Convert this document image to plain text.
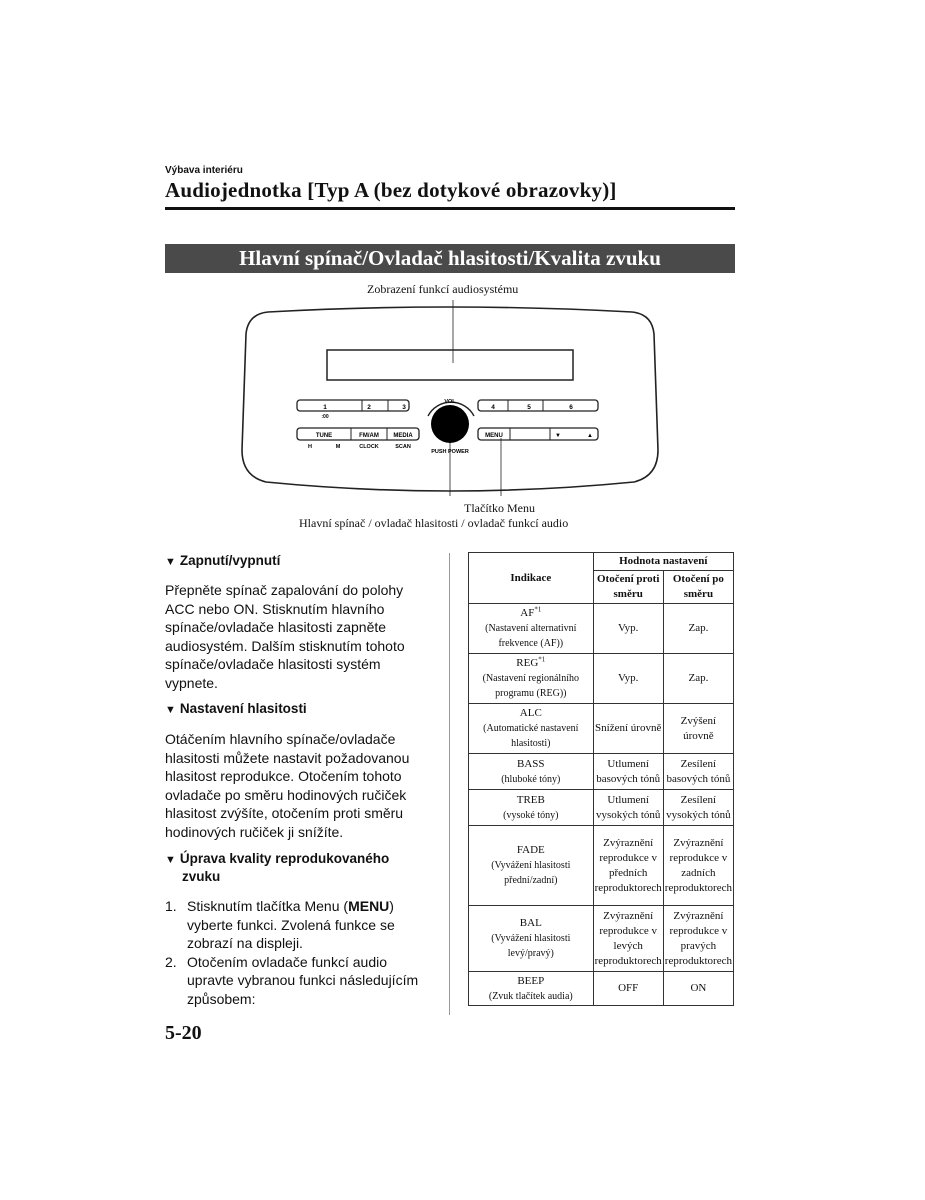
Výbava interiéru
Audiojednotka [Typ A (bez dotykové obrazovky)]
Hlavní spínač/Ovladač hlasitosti/Kvalita zvuku
Zobrazení funkcí audiosystému
Tlačítko Menu
Hlavní spínač / ovladač hlasitosti / ovladač funkcí audio
1	2	3
:00
4	5	6
TUNE	FM/AM MEDIA
H	M	CLOCK	SCAN
MENU	▼	▲
VOL
PUSH POWER
▼ Zapnutí/vypnutí
Přepněte spínač zapalování do polohy ACC nebo ON. Stisknutím hlavního spínače/ovladače hlasitosti zapněte audiosystém. Dalším stisknutím tohoto spínače/ovladače hlasitosti systém vypnete.
▼ Nastavení hlasitosti
Otáčením hlavního spínače/ovladače hlasitosti můžete nastavit požadovanou hlasitost reprodukce. Otočením tohoto ovladače po směru hodinových ručiček hlasitost zvýšíte, otočením proti směru hodinových ručiček ji snížíte.
▼ Úprava kvality reprodukovaného
zvuku
1. Stisknutím tlačítka Menu (MENU) vyberte funkci. Zvolená funkce se zobrazí na displeji.
2. Otočením ovladače funkcí audio upravte vybranou funkci následujícím způsobem:
Indikace	Hodnota nastavení	
	Otočení proti směru	Otočení po směru
AF$^{*1}$
(Nastavení alternativní frekvence (AF))	Vyp.	Zap.
REG$^{*1}$
(Nastavení regionálního programu (REG))	Vyp.	Zap.
ALC
(Automatické nastavení hlasitosti)	Snížení úrovně	Zvýšení úrovně
BASS
(hluboké tóny)	Utlumení basových tónů	Zesílení basových tónů
TREB
(vysoké tóny)	Utlumení vysokých tónů	Zesílení vysokých tónů
FADE
(Vyvážení hlasitosti přední/zadní)	Zvýraznění reprodukce v předních reproduktorech	Zvýraznění reprodukce v zadních reproduktorech
BAL
(Vyvážení hlasitosti levý/pravý)	Zvýraznění reprodukce v levých reproduktorech	Zvýraznění reprodukce v pravých reproduktorech
BEEP
(Zvuk tlačítek audia)	OFF	ON
5-20
